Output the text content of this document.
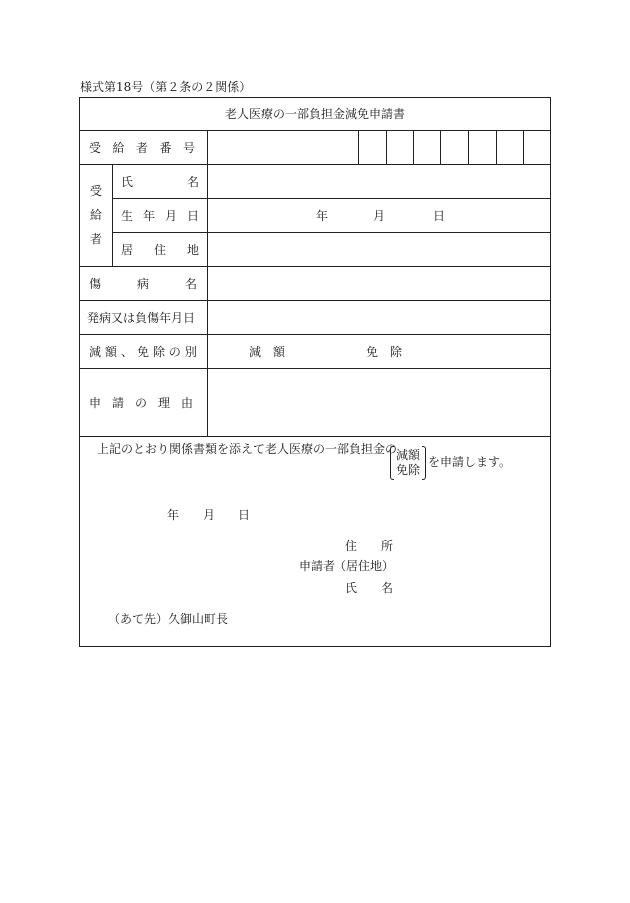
様式第18号（第２条の２関係）
老人医療の一部負担金減免申請書
受 給 者 番 号
受
給
者
氏	名
生 年 月 日	年	月	日
居 住 地
傷	病	名
発病又は負傷年月日
減 額 、 免 除 の 別	減　額	免　除
申 請 の 理 由
上記のとおり関係書類を添えて老人医療の一部負担金の
減額
免除
を申請します。
年 月 日
住 所
申請者
（居住地）
氏 名
（あて先）久御山町長
